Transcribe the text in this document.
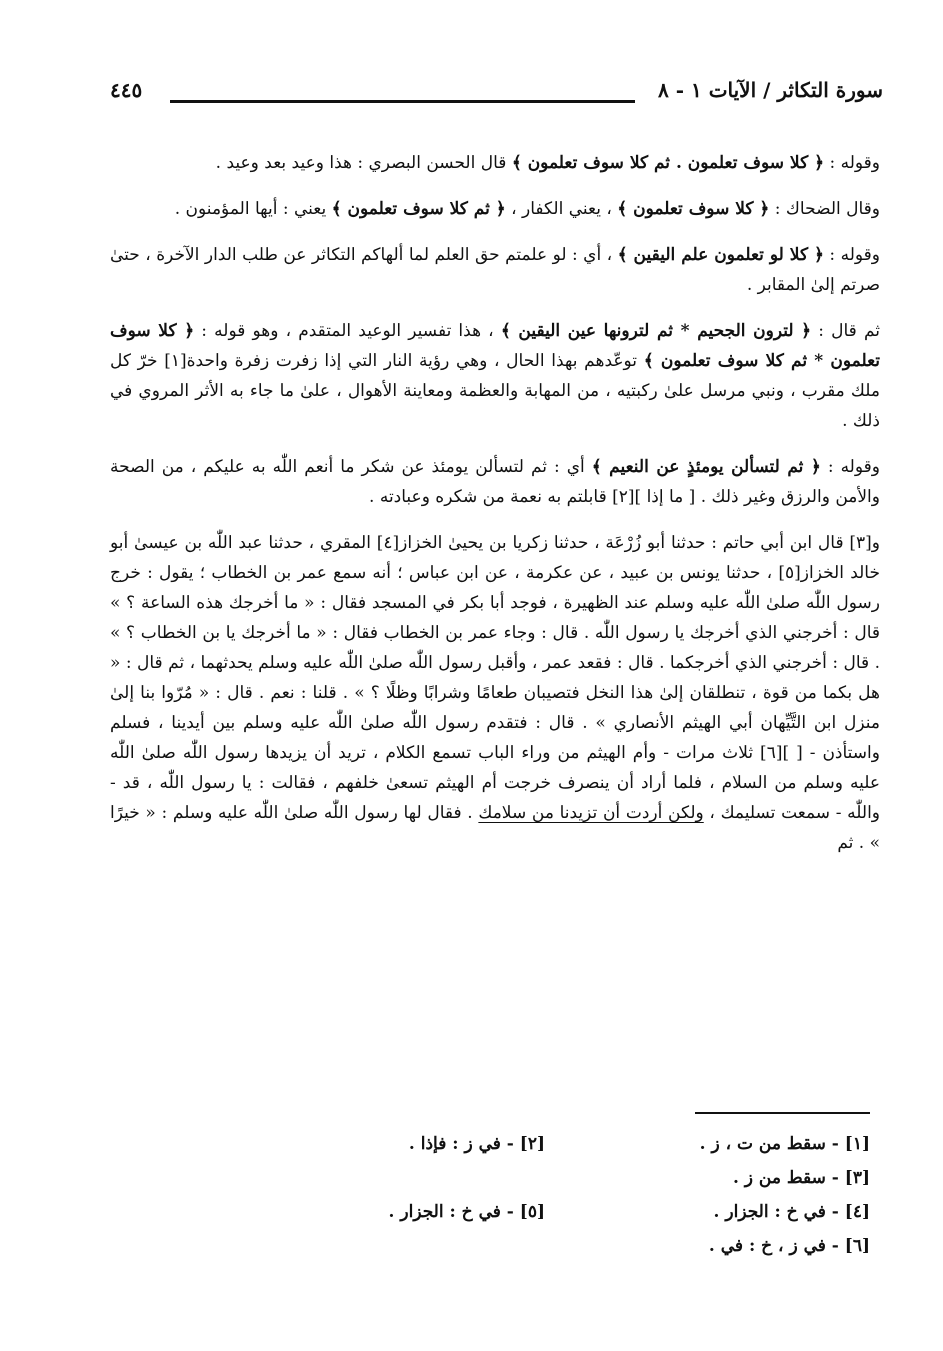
سورة التكاثر / الآيات ١ - ٨
٤٤٥

وقوله : ﴿ كلا سوف تعلمون . ثم كلا سوف تعلمون ﴾ قال الحسن البصري : هذا وعيد بعد وعيد .

وقال الضحاك : ﴿ كلا سوف تعلمون ﴾ ، يعني الكفار ، ﴿ ثم كلا سوف تعلمون ﴾ يعني : أيها المؤمنون .

وقوله : ﴿ كلا لو تعلمون علم اليقين ﴾ ، أي : لو علمتم حق العلم لما ألهاكم التكاثر عن طلب الدار الآخرة ، حتىٰ صرتم إلىٰ المقابر .

ثم قال : ﴿ لترون الجحيم * ثم لترونها عين اليقين ﴾ ، هذا تفسير الوعيد المتقدم ، وهو قوله : ﴿ كلا سوف تعلمون * ثم كلا سوف تعلمون ﴾ توعّدهم بهذا الحال ، وهي رؤية النار التي إذا زفرت زفرة واحدة[١] خرّ كل ملك مقرب ، ونبي مرسل علىٰ ركبتيه ، من المهابة والعظمة ومعاينة الأهوال ، علىٰ ما جاء به الأثر المروي في ذلك .

وقوله : ﴿ ثم لتسألن يومئذٍ عن النعيم ﴾ أي : ثم لتسألن يومئذ عن شكر ما أنعم اللّٰه به عليكم ، من الصحة والأمن والرزق وغير ذلك . [ ما إذا ][٢] قابلتم به نعمة من شكره وعبادته .

و[٣] قال ابن أبي حاتم : حدثنا أبو زُرْعَة ، حدثنا زكريا بن يحيىٰ الخزاز[٤] المقري ، حدثنا عبد اللّٰه بن عيسىٰ أبو خالد الخزاز[٥] ، حدثنا يونس بن عبيد ، عن عكرمة ، عن ابن عباس ؛ أنه سمع عمر بن الخطاب ؛ يقول : خرج رسول اللّٰه صلىٰ اللّٰه عليه وسلم عند الظهيرة ، فوجد أبا بكر في المسجد فقال : « ما أخرجك هذه الساعة ؟ » قال : أخرجني الذي أخرجك يا رسول اللّٰه . قال : وجاء عمر بن الخطاب فقال : « ما أخرجك يا بن الخطاب ؟ » . قال : أخرجني الذي أخرجكما . قال : فقعد عمر ، وأقبل رسول اللّٰه صلىٰ اللّٰه عليه وسلم يحدثهما ، ثم قال : « هل بكما من قوة ، تنطلقان إلىٰ هذا النخل فتصيبان طعامًا وشرابًا وظلًا ؟ » . قلنا : نعم . قال : « مُرّوا بنا إلىٰ منزل ابن التَّيِّهان أبي الهيثم الأنصاري » . قال : فتقدم رسول اللّٰه صلىٰ اللّٰه عليه وسلم بين أيدينا ، فسلم واستأذن - [ ][٦] ثلاث مرات - وأم الهيثم من وراء الباب تسمع الكلام ، تريد أن يزيدها رسول اللّٰه صلىٰ اللّٰه عليه وسلم من السلام ، فلما أراد أن ينصرف خرجت أم الهيثم تسعىٰ خلفهم ، فقالت : يا رسول اللّٰه ، قد - واللّٰه - سمعت تسليمك ، ولكن أردت أن تزيدنا من سلامك . فقال لها رسول اللّٰه صلىٰ اللّٰه عليه وسلم : « خيرًا » . ثم

[١] - سقط من ت ، ز .
[٢] - في ز : فإذا .
[٣] - سقط من ز .
[٤] - في خ : الجزار .
[٥] - في خ : الجزار .
[٦] - في ز ، خ : في .
